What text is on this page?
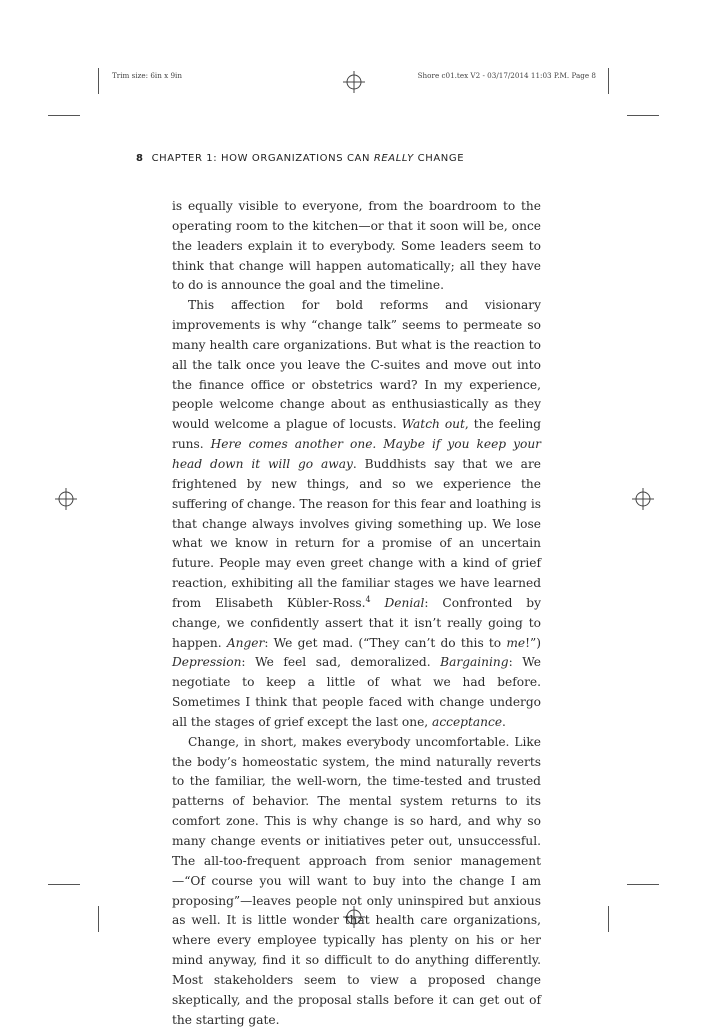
Trim size: 6in x 9in	Shore c01.tex V2 - 03/17/2014 11:03 P.M. Page 8
8 CHAPTER 1: HOW ORGANIZATIONS CAN REALLY CHANGE

is equally visible to everyone, from the boardroom to the operating room to the kitchen—or that it soon will be, once the leaders explain it to everybody. Some leaders seem to think that change will happen automatically; all they have to do is announce the goal and the timeline.

This affection for bold reforms and visionary improvements is why “change talk” seems to permeate so many health care organizations. But what is the reaction to all the talk once you leave the C-suites and move out into the finance office or obstetrics ward? In my experience, people welcome change about as enthusiastically as they would welcome a plague of locusts. Watch out, the feeling runs. Here comes another one. Maybe if you keep your head down it will go away. Buddhists say that we are frightened by new things, and so we experience the suffering of change. The reason for this fear and loathing is that change always involves giving something up. We lose what we know in return for a promise of an uncertain future. People may even greet change with a kind of grief reaction, exhibiting all the familiar stages we have learned from Elisabeth Kübler-Ross.$^4$ Denial: Confronted by change, we confidently assert that it isn’t really going to happen. Anger: We get mad. (“They can’t do this to me!”) Depression: We feel sad, demoralized. Bargaining: We negotiate to keep a little of what we had before. Sometimes I think that people faced with change undergo all the stages of grief except the last one, acceptance.

Change, in short, makes everybody uncomfortable. Like the body’s homeostatic system, the mind naturally reverts to the familiar, the well-worn, the time-tested and trusted patterns of behavior. The mental system returns to its comfort zone. This is why change is so hard, and why so many change events or initiatives peter out, unsuccessful. The all-too-frequent approach from senior management—“Of course you will want to buy into the change I am proposing”—leaves people not only uninspired but anxious as well. It is little wonder that health care organizations, where every employee typically has plenty on his or her mind anyway, find it so difficult to do anything differently. Most stakeholders seem to view a proposed change skeptically, and the proposal stalls before it can get out of the starting gate.
